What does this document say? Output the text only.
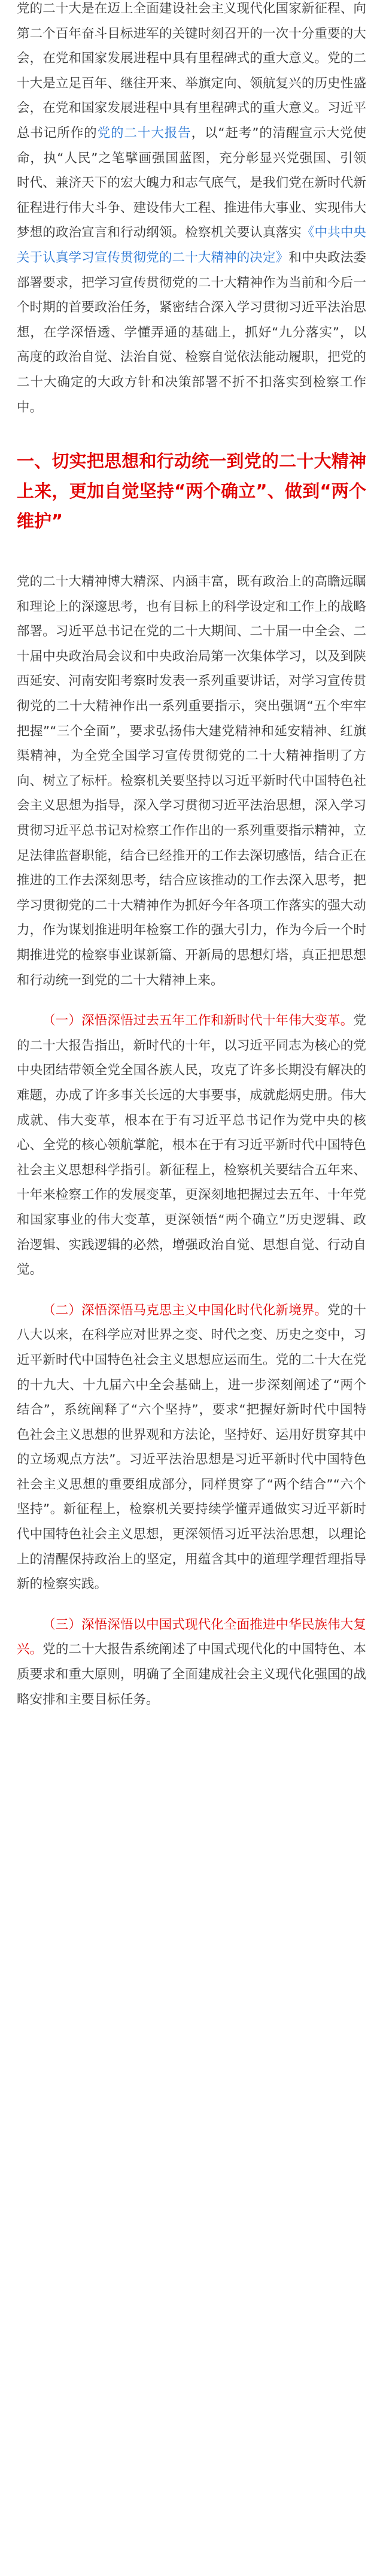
党的二十大是在迈上全面建设社会主义现代化国家新征程、向第二个百年奋斗目标进军的关键时刻召开的一次十分重要的大会，在党和国家发展进程中具有里程碑式的重大意义。党的二十大是立足百年、继往开来、举旗定向、领航复兴的历史性盛会，在党和国家发展进程中具有里程碑式的重大意义。习近平总书记所作的党的二十大报告，以“赶考”的清醒宣示大党使命，执“人民”之笔擘画强国蓝图，充分彰显兴党强国、引领时代、兼济天下的宏大魄力和志气底气，是我们党在新时代新征程进行伟大斗争、建设伟大工程、推进伟大事业、实现伟大梦想的政治宣言和行动纲领。检察机关要认真落实《中共中央关于认真学习宣传贯彻党的二十大精神的决定》和中央政法委部署要求，把学习宣传贯彻党的二十大精神作为当前和今后一个时期的首要政治任务，紧密结合深入学习贯彻习近平法治思想，在学深悟透、学懂弄通的基础上，抓好“九分落实”，以高度的政治自觉、法治自觉、检察自觉依法能动履职，把党的二十大确定的大政方针和决策部署不折不扣落实到检察工作中。

一、切实把思想和行动统一到党的二十大精神上来，更加自觉坚持“两个确立”、做到“两个维护”

党的二十大精神博大精深、内涵丰富，既有政治上的高瞻远瞩和理论上的深邃思考，也有目标上的科学设定和工作上的战略部署。习近平总书记在党的二十大期间、二十届一中全会、二十届中央政治局会议和中央政治局第一次集体学习，以及到陕西延安、河南安阳考察时发表一系列重要讲话，对学习宣传贯彻党的二十大精神作出一系列重要指示，突出强调“五个牢牢把握”“三个全面”，要求弘扬伟大建党精神和延安精神、红旗渠精神，为全党全国学习宣传贯彻党的二十大精神指明了方向、树立了标杆。检察机关要坚持以习近平新时代中国特色社会主义思想为指导，深入学习贯彻习近平法治思想，深入学习贯彻习近平总书记对检察工作作出的一系列重要指示精神，立足法律监督职能，结合已经推开的工作去深切感悟，结合正在推进的工作去深刻思考，结合应该推动的工作去深入思考，把学习贯彻党的二十大精神作为抓好今年各项工作落实的强大动力，作为谋划推进明年检察工作的强大引力，作为今后一个时期推进党的检察事业谋新篇、开新局的思想灯塔，真正把思想和行动统一到党的二十大精神上来。

（一）深悟深悟过去五年工作和新时代十年伟大变革。党的二十大报告指出，新时代的十年，以习近平同志为核心的党中央团结带领全党全国各族人民，攻克了许多长期没有解决的难题，办成了许多事关长远的大事要事，成就彪炳史册。伟大成就、伟大变革，根本在于有习近平总书记作为党中央的核心、全党的核心领航掌舵，根本在于有习近平新时代中国特色社会主义思想科学指引。新征程上，检察机关要结合五年来、十年来检察工作的发展变革，更深刻地把握过去五年、十年党和国家事业的伟大变革，更深领悟“两个确立”历史逻辑、政治逻辑、实践逻辑的必然，增强政治自觉、思想自觉、行动自觉。

（二）深悟深悟马克思主义中国化时代化新境界。党的十八大以来，在科学应对世界之变、时代之变、历史之变中，习近平新时代中国特色社会主义思想应运而生。党的二十大在党的十九大、十九届六中全会基础上，进一步深刻阐述了“两个结合”，系统阐释了“六个坚持”，要求“把握好新时代中国特色社会主义思想的世界观和方法论，坚持好、运用好贯穿其中的立场观点方法”。习近平法治思想是习近平新时代中国特色社会主义思想的重要组成部分，同样贯穿了“两个结合”“六个坚持”。新征程上，检察机关要持续学懂弄通做实习近平新时代中国特色社会主义思想，更深领悟习近平法治思想，以理论上的清醒保持政治上的坚定，用蕴含其中的道理学理哲理指导新的检察实践。

（三）深悟深悟以中国式现代化全面推进中华民族伟大复兴。党的二十大报告系统阐述了中国式现代化的中国特色、本质要求和重大原则，明确了全面建成社会主义现代化强国的战略安排和主要目标任务。
